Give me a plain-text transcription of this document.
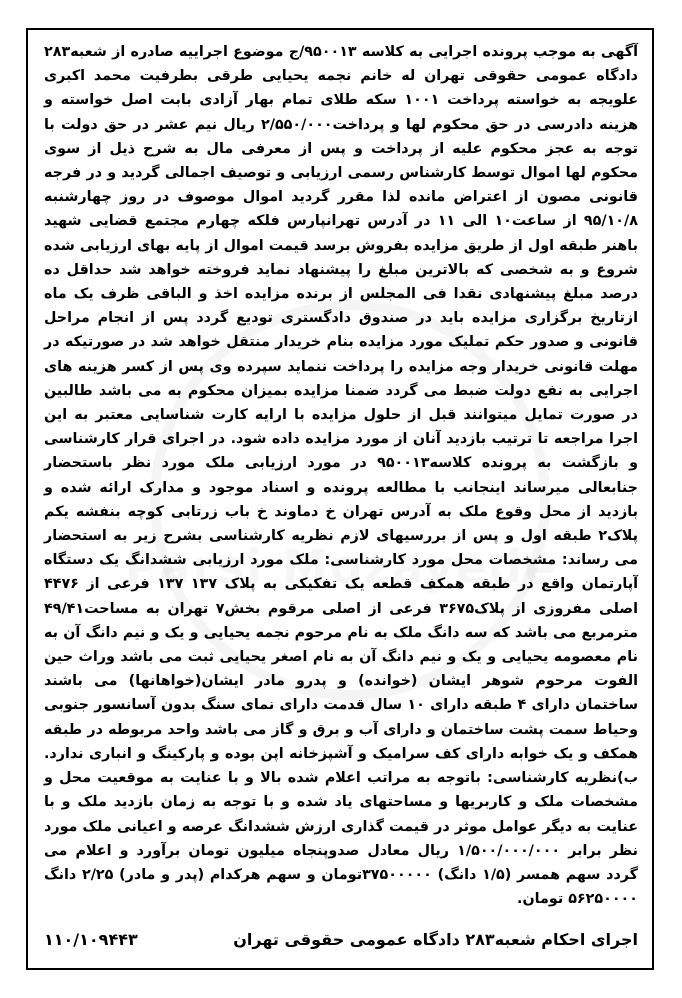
آگهی به موجب پرونده اجرایی به کلاسه ۹۵۰۰۱۳/ج موضوع اجراییه صادره از شعبه۲۸۳ دادگاه عمومی حقوقی تهران له خانم نجمه یحیایی طرقی بطرفیت محمد اکبری علویجه به خواسته پرداخت ۱۰۰۱ سکه طلای تمام بهار آزادی بابت اصل خواسته و هزینه دادرسی در حق محکوم لها و پرداخت۲/۵۵۰/۰۰۰ ریال نیم عشر در حق دولت با توجه به عجز محکوم علیه از پرداخت و پس از معرفی مال به شرح ذیل از سوی محکوم لها اموال توسط کارشناس رسمی ارزیابی و توصیف اجمالی گردید و در فرجه قانونی مصون از اعتراض مانده لذا مقرر گردید اموال موصوف در روز چهارشنبه ۹۵/۱۰/۸ از ساعت۱۰ الی ۱۱ در آدرس تهرانپارس فلکه چهارم مجتمع قضایی شهید باهنر طبقه اول از طریق مزایده بفروش برسد قیمت اموال از پایه بهای ارزیابی شده شروع و به شخصی که بالاترین مبلغ را پیشنهاد نماید فروخته خواهد شد حداقل ده درصد مبلغ پیشنهادی نقدا فی المجلس از برنده مزایده اخذ و الباقی ظرف یک ماه ازتاریخ برگزاری مزایده باید در صندوق دادگستری تودیع گردد پس از انجام مراحل قانونی و صدور حکم تملیک مورد مزایده بنام خریدار منتقل خواهد شد در صورتیکه در مهلت قانونی خریدار وجه مزایده را پرداخت ننماید سپرده وی پس از کسر هزینه های اجرایی به نفع دولت ضبط می گردد ضمنا مزایده بمیزان محکوم به می باشد طالبین در صورت تمایل میتوانند قبل از حلول مزایده با ارایه کارت شناسایی معتبر به این اجرا مراجعه تا ترتیب بازدید آنان از مورد مزایده داده شود. در اجرای قرار کارشناسی و بازگشت به پرونده کلاسه۹۵۰۰۱۳ در مورد ارزیابی ملک مورد نظر باستحضار جنابعالی میرساند اینجانب با مطالعه پرونده و اسناد موجود و مدارک ارائه شده و بازدید از محل وقوع ملک به آدرس تهران خ دماوند خ باب زرتابی کوچه بنفشه یکم پلاک۲ طبقه اول و پس از بررسیهای لازم نظریه کارشناسی بشرح زیر به استحضار می رساند: مشخصات محل مورد کارشناسی: ملک مورد ارزیابی ششدانگ یک دستگاه آپارتمان واقع در طبقه همکف قطعه یک تفکیکی به پلاک ۱۳۷ ۱۳۷ فرعی از ۴۴۷۶ اصلی مفروزی از پلاک۳۶۷۵ فرعی از اصلی مرقوم بخش۷ تهران به مساحت۴۹/۴۱ مترمربع می باشد که سه دانگ ملک به نام مرحوم نجمه یحیایی و یک و نیم دانگ آن به نام معصومه یحیایی و یک و نیم دانگ آن به نام اصغر یحیایی ثبت می باشد وراث حین الفوت مرحوم شوهر ایشان (خوانده) و پدرو مادر ایشان(خواهانها) می باشند ساختمان دارای ۴ طبقه دارای ۱۰ سال قدمت دارای نمای سنگ بدون آسانسور جنوبی وحیاط سمت پشت ساختمان و دارای آب و برق و گاز می باشد واحد مربوطه در طبقه همکف و یک خوابه دارای کف سرامیک و آشپزخانه اپن بوده و پارکینگ و انباری ندارد. ب)نظریه کارشناسی: باتوجه به مراتب اعلام شده بالا و با عنایت به موقعیت محل و مشخصات ملک و کاربریها و مساحتهای یاد شده و با توجه به زمان بازدید ملک و با عنایت به دیگر عوامل موثر در قیمت گذاری ارزش ششدانگ عرصه و اعیانی ملک مورد نظر برابر ۱/۵۰۰/۰۰۰/۰۰۰ ریال معادل صدوپنجاه میلیون تومان برآورد و اعلام می گردد سهم همسر (۱/۵ دانگ) ۳۷۵۰۰۰۰۰تومان و سهم هرکدام (پدر و مادر) ۲/۲۵ دانگ ۵۶۲۵۰۰۰۰ تومان.
اجرای احکام شعبه۲۸۳ دادگاه عمومی حقوقی تهران
۱۱۰/۱۰۹۴۴۳
